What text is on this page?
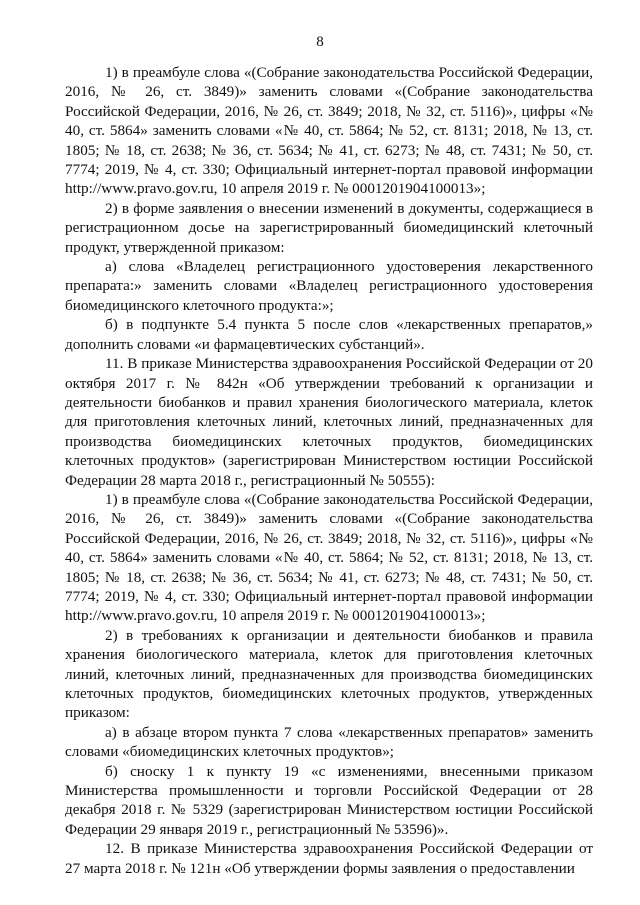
8

1) в преамбуле слова «(Собрание законодательства Российской Федерации, 2016, № 26, ст. 3849)» заменить словами «(Собрание законодательства Российской Федерации, 2016, № 26, ст. 3849; 2018, № 32, ст. 5116)», цифры «№ 40, ст. 5864» заменить словами «№ 40, ст. 5864; № 52, ст. 8131; 2018, № 13, ст. 1805; № 18, ст. 2638; № 36, ст. 5634; № 41, ст. 6273; № 48, ст. 7431; № 50, ст. 7774; 2019, № 4, ст. 330; Официальный интернет-портал правовой информации http://www.pravo.gov.ru, 10 апреля 2019 г. № 0001201904100013»;

2) в форме заявления о внесении изменений в документы, содержащиеся в регистрационном досье на зарегистрированный биомедицинский клеточный продукт, утвержденной приказом:

а) слова «Владелец регистрационного удостоверения лекарственного препарата:» заменить словами «Владелец регистрационного удостоверения биомедицинского клеточного продукта:»;

б) в подпункте 5.4 пункта 5 после слов «лекарственных препаратов,» дополнить словами «и фармацевтических субстанций».

11. В приказе Министерства здравоохранения Российской Федерации от 20 октября 2017 г. № 842н «Об утверждении требований к организации и деятельности биобанков и правил хранения биологического материала, клеток для приготовления клеточных линий, клеточных линий, предназначенных для производства биомедицинских клеточных продуктов, биомедицинских клеточных продуктов» (зарегистрирован Министерством юстиции Российской Федерации 28 марта 2018 г., регистрационный № 50555):

1) в преамбуле слова «(Собрание законодательства Российской Федерации, 2016, № 26, ст. 3849)» заменить словами «(Собрание законодательства Российской Федерации, 2016, № 26, ст. 3849; 2018, № 32, ст. 5116)», цифры «№ 40, ст. 5864» заменить словами «№ 40, ст. 5864; № 52, ст. 8131; 2018, № 13, ст. 1805; № 18, ст. 2638; № 36, ст. 5634; № 41, ст. 6273; № 48, ст. 7431; № 50, ст. 7774; 2019, № 4, ст. 330; Официальный интернет-портал правовой информации http://www.pravo.gov.ru, 10 апреля 2019 г. № 0001201904100013»;

2) в требованиях к организации и деятельности биобанков и правила хранения биологического материала, клеток для приготовления клеточных линий, клеточных линий, предназначенных для производства биомедицинских клеточных продуктов, биомедицинских клеточных продуктов, утвержденных приказом:

а) в абзаце втором пункта 7 слова «лекарственных препаратов» заменить словами «биомедицинских клеточных продуктов»;

б) сноску 1 к пункту 19 «с изменениями, внесенными приказом Министерства промышленности и торговли Российской Федерации от 28 декабря 2018 г. № 5329 (зарегистрирован Министерством юстиции Российской Федерации 29 января 2019 г., регистрационный № 53596)».

12. В приказе Министерства здравоохранения Российской Федерации от 27 марта 2018 г. № 121н «Об утверждении формы заявления о предоставлении
